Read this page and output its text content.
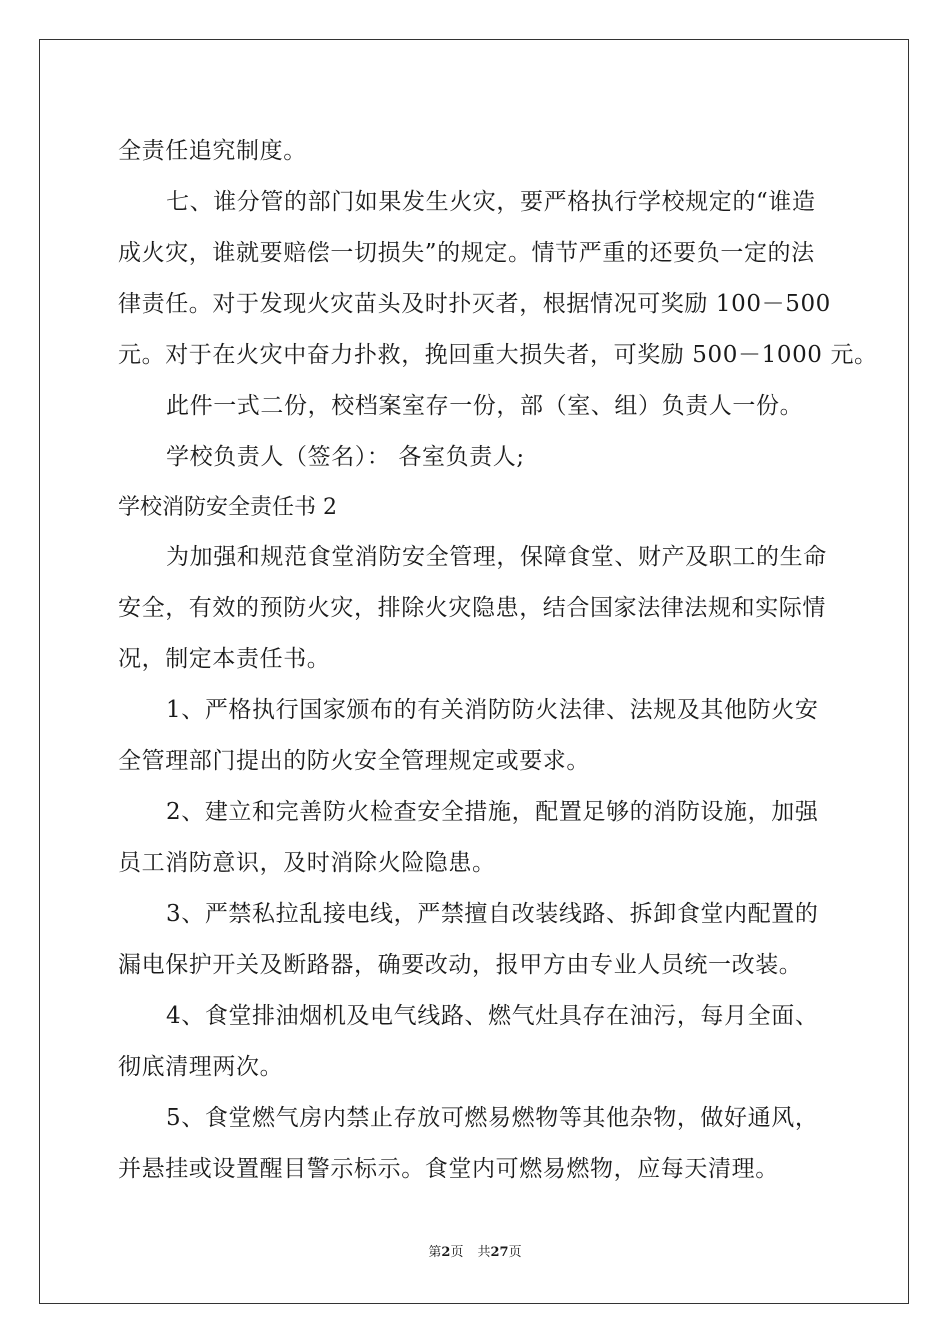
全责任追究制度。
七、谁分管的部门如果发生火灾，要严格执行学校规定的“谁造
成火灾，谁就要赔偿一切损失”的规定。情节严重的还要负一定的法
律责任。对于发现火灾苗头及时扑灭者，根据情况可奖励 100－500
元。对于在火灾中奋力扑救，挽回重大损失者，可奖励 500－1000 元。
此件一式二份，校档案室存一份，部（室、组）负责人一份。
学校负责人（签名）： 各室负责人;
学校消防安全责任书 2
为加强和规范食堂消防安全管理，保障食堂、财产及职工的生命
安全，有效的预防火灾，排除火灾隐患，结合国家法律法规和实际情
况，制定本责任书。
1、严格执行国家颁布的有关消防防火法律、法规及其他防火安
全管理部门提出的防火安全管理规定或要求。
2、建立和完善防火检查安全措施，配置足够的消防设施，加强
员工消防意识，及时消除火险隐患。
3、严禁私拉乱接电线，严禁擅自改装线路、拆卸食堂内配置的
漏电保护开关及断路器，确要改动，报甲方由专业人员统一改装。
4、食堂排油烟机及电气线路、燃气灶具存在油污，每月全面、
彻底清理两次。
5、食堂燃气房内禁止存放可燃易燃物等其他杂物，做好通风，
并悬挂或设置醒目警示标示。食堂内可燃易燃物，应每天清理。
第2页 共27页
